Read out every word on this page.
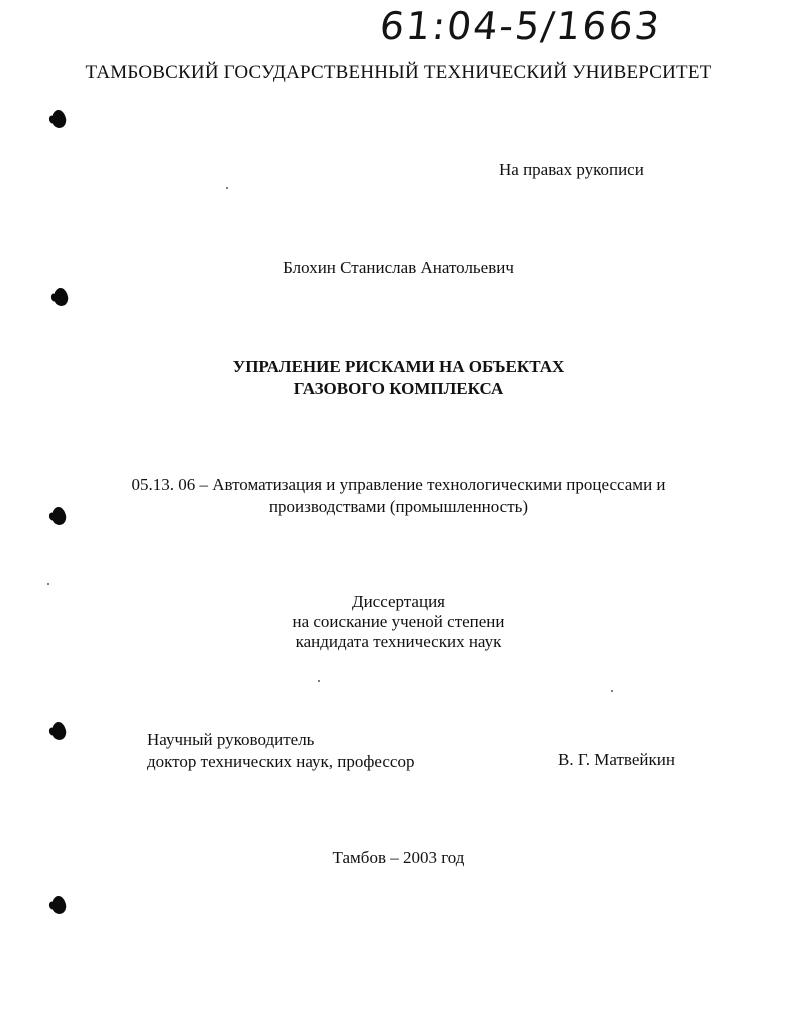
61:04-5/1663
ТАМБОВСКИЙ ГОСУДАРСТВЕННЫЙ ТЕХНИЧЕСКИЙ УНИВЕРСИТЕТ
На правах рукописи
Блохин Станислав Анатольевич
УПРАЛЕНИЕ РИСКАМИ НА ОБЪЕКТАХ
ГАЗОВОГО КОМПЛЕКСА
05.13. 06 – Автоматизация и управление технологическими процессами и
производствами (промышленность)
Диссертация
на соискание ученой степени
кандидата технических наук
Научный руководитель
доктор технических наук, профессор	В. Г. Матвейкин
Тамбов – 2003 год
